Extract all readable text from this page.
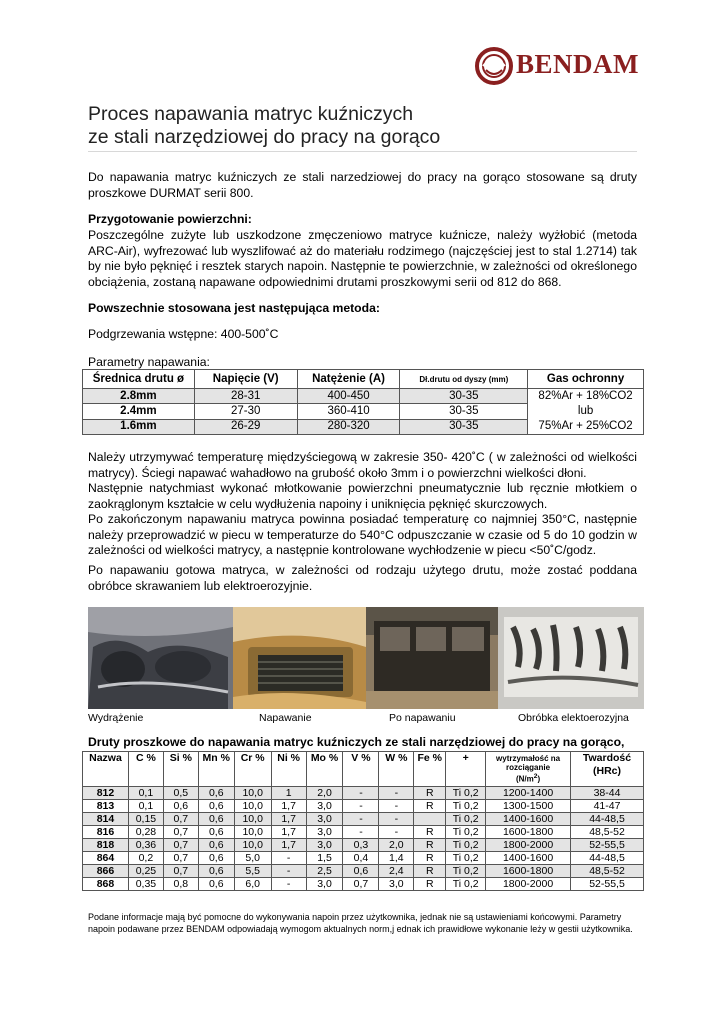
BENDAM
Proces napawania matryc kuźniczych
ze stali narzędziowej do pracy na gorąco
Do napawania matryc kuźniczych ze stali narzedziowej do pracy na gorąco stosowane są druty proszkowe DURMAT serii 800.
Przygotowanie powierzchni:
Poszczególne zużyte lub uszkodzone zmęczeniowo matryce kuźnicze, należy wyżłobić (metoda ARC-Air), wyfrezować lub wyszlifować aż do materiału rodzimego (najczęściej jest to stal 1.2714) tak by nie było pęknięć i resztek starych napoin. Następnie te powierzchnie, w zależności od określonego obciążenia, zostaną napawane odpowiednimi drutami proszkowymi serii od 812 do 868.
Powszechnie stosowana jest następująca metoda:
Podgrzewania wstępne: 400-500˚C
Parametry napawania:
Średnica drutu ø	Napięcie (V)	Natężenie (A)	Dł.drutu od dyszy (mm)	Gas ochronny
2.8mm	28-31	400-450	30-35	82%Ar + 18%CO2
lub
75%Ar + 25%CO2

2.4mm	27-30	360-410	30-35	
1.6mm	26-29	280-320	30-35	
Należy utrzymywać temperaturę międzyściegową w zakresie 350- 420˚C ( w zależności od wielkości matrycy). Ściegi napawać wahadłowo na grubość około 3mm i o powierzchni wielkości dłoni.
Następnie natychmiast wykonać młotkowanie powierzchni pneumatycznie lub ręcznie młotkiem o zaokrąglonym kształcie w celu wydłużenia napoiny i uniknięcia pęknięć skurczowych.
Po zakończonym napawaniu matryca powinna posiadać temperaturę co najmniej 350°C, następnie należy przeprowadzić w piecu w temperaturze do 540°C odpuszczanie w czasie od 5 do 10 godzin w zależności od wielkości matrycy, a następnie kontrolowane wychłodzenie w piecu <50˚C/godz.
Po napawaniu gotowa matryca, w zależności od rodzaju użytego drutu, może zostać poddana obróbce skrawaniem lub elektroerozyjnie.
Wydrążenie	Napawanie	Po napawaniu	Obróbka elektoerozyjna
Druty proszkowe do napawania matryc kuźniczych ze stali narzędziowej do pracy na gorąco,
Nazwa	C %	Si %	Mn %	Cr %	Ni %	Mo %	V %	W %	Fe %	+	wytrzymałość na rozciąganie
$(N/m^2)$	Twardość (HRc)
812	0,1	0,5	0,6	10,0	1	2,0	-	-	R	Ti 0,2	1200-1400	38-44
813	0,1	0,6	0,6	10,0	1,7	3,0	-	-	R	Ti 0,2	1300-1500	41-47
814	0,15	0,7	0,6	10,0	1,7	3,0	-	-		Ti 0,2	1400-1600	44-48,5
816	0,28	0,7	0,6	10,0	1,7	3,0	-	-	R	Ti 0,2	1600-1800	48,5-52
818	0,36	0,7	0,6	10,0	1,7	3,0	0,3	2,0	R	Ti 0,2	1800-2000	52-55,5
864	0,2	0,7	0,6	5,0	-	1,5	0,4	1,4	R	Ti 0,2	1400-1600	44-48,5
866	0,25	0,7	0,6	5,5	-	2,5	0,6	2,4	R	Ti 0,2	1600-1800	48,5-52
868	0,35	0,8	0,6	6,0	-	3,0	0,7	3,0	R	Ti 0,2	1800-2000	52-55,5
Podane informacje mają być pomocne do wykonywania napoin przez użytkownika, jednak nie są ustawieniami końcowymi. Parametry napoin podawane przez BENDAM odpowiadają wymogom aktualnych norm,j ednak ich prawidłowe wykonanie leży w gestii użytkownika.
